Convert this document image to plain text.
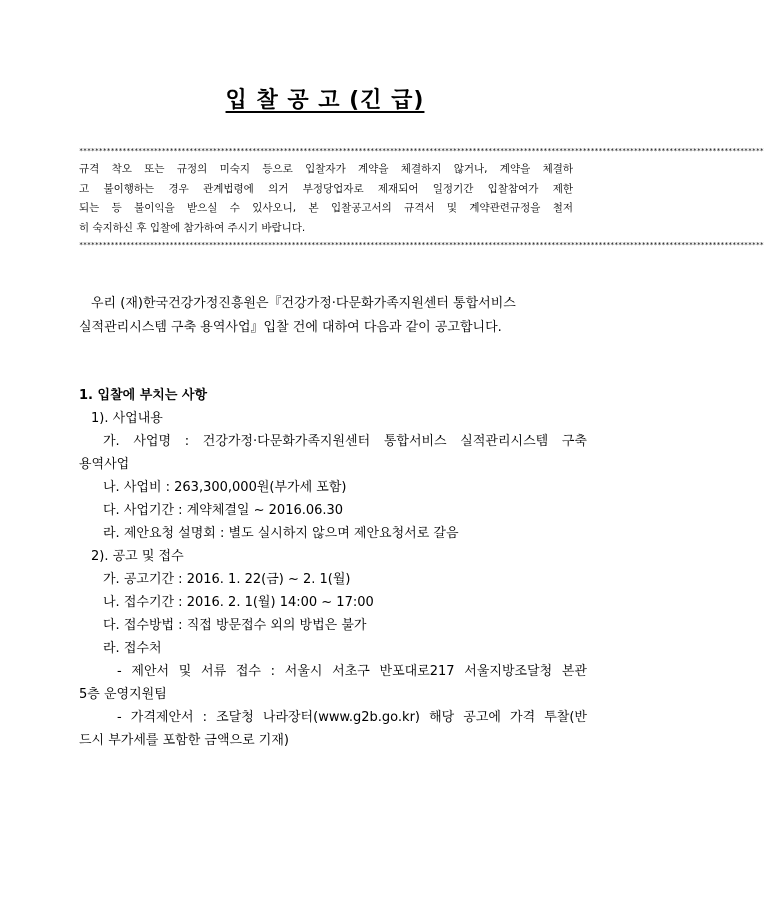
입 찰 공 고 (긴 급)
******************************************************************************************************************************************************************************
규격 착오 또는 규정의 미숙지 등으로 입찰자가 계약을 체결하지 않거나, 계약을 체결하
고 불이행하는 경우 관계법령에 의거 부정당업자로 제재되어 일정기간 입찰참여가 제한
되는 등 불이익을 받으실 수 있사오니, 본 입찰공고서의 규격서 및 계약관련규정을 철저
히 숙지하신 후 입찰에 참가하여 주시기 바랍니다.
******************************************************************************************************************************************************************************
우리 (재)한국건강가정진흥원은『건강가정·다문화가족지원센터 통합서비스
실적관리시스템 구축 용역사업』입찰 건에 대하여 다음과 같이 공고합니다.
1. 입찰에 부치는 사항
1). 사업내용
가. 사업명 : 건강가정·다문화가족지원센터 통합서비스 실적관리시스템 구축
용역사업
나. 사업비 : 263,300,000원(부가세 포함)
다. 사업기간 : 계약체결일 ~ 2016.06.30
라. 제안요청 설명회 : 별도 실시하지 않으며 제안요청서로 갈음
2). 공고 및 접수
가. 공고기간 : 2016. 1. 22(금) ~ 2. 1(월)
나. 접수기간 : 2016. 2. 1(월) 14:00 ~ 17:00
다. 접수방법 : 직접 방문접수 외의 방법은 불가
라. 접수처
- 제안서 및 서류 접수 : 서울시 서초구 반포대로217 서울지방조달청 본관
5층 운영지원팀
- 가격제안서 : 조달청 나라장터(www.g2b.go.kr) 해당 공고에 가격 투찰(반
드시 부가세를 포함한 금액으로 기재)
